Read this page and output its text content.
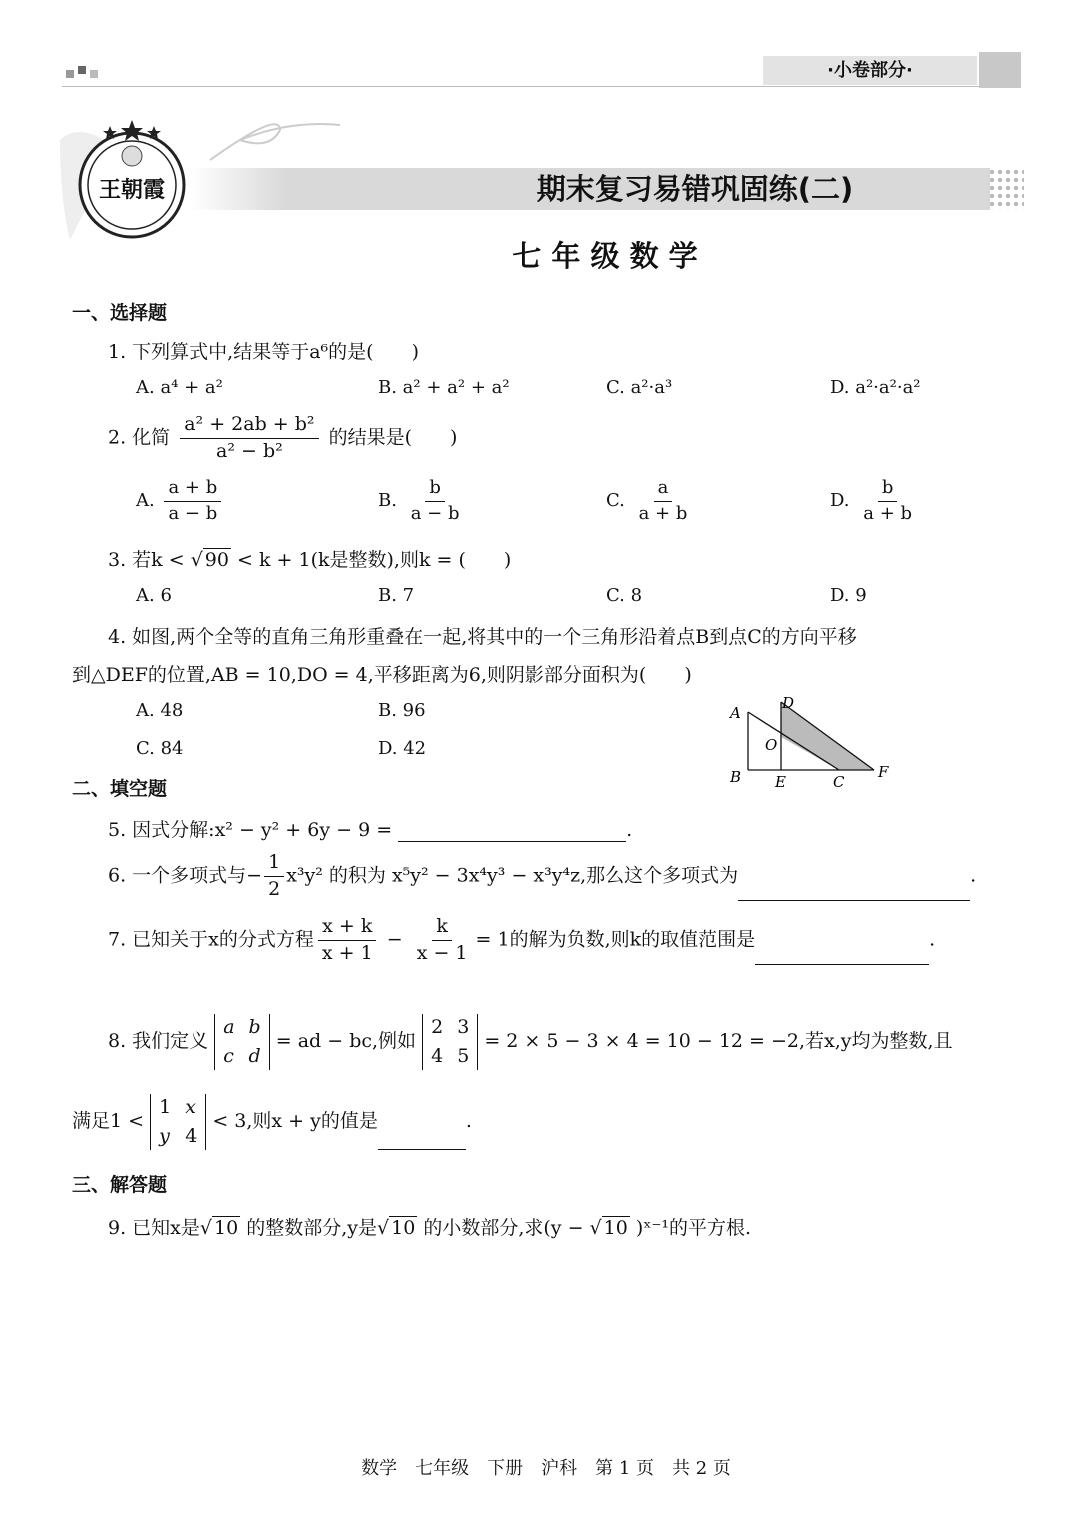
·小卷部分·
王朝霞	期末复习易错巩固练(二)
七 年 级 数 学
一、选择题
1. 下列算式中,结果等于a⁶的是(　　)
A. a⁴ + a²	B. a² + a² + a²	C. a²·a³	D. a²·a²·a²
2. 化简 $\frac{\text{a² + 2ab + b²}}{\text{a² − b²}}$ 的结果是(　　)
A. $\frac{a + b}{a - b}$	B. $\frac{b}{a - b}$	C. $\frac{a}{a + b}$	D. $\frac{b}{a + b}$
3. 若k < √ 90 < k + 1(k是整数),则k = (　　)
A. 6	B. 7	C. 8	D. 9
4. 如图,两个全等的直角三角形重叠在一起,将其中的一个三角形沿着点B到点C的方向平移
到△DEF的位置,AB = 10,DO = 4,平移距离为6,则阴影部分面积为(　　)
A. 48	B. 96
C. 84	D. 42
A
D
O
B E	C
F
二、填空题
5. 因式分解:x² − y² + 6y − 9 =	.
6. 一个多项式与− $\frac{1}{2} x^3y^2$ 的积为 x⁵y² − 3x⁴y³ − x³y⁴z,那么这个多项式为	.
7. 已知关于x的分式方程 $\frac{x + k}{x + 1} - \frac{k}{x - 1} = 1$的解为负数,则k的取值范围是	.
8. 我们定义
a b
c d
= ad − bc,例如
2 3
4 5
= 2 × 5 − 3 × 4 = 10 − 12 = −2,若x,y均为整数,且
满足1 <
1 x
y 4
< 3,则x + y的值是	.
三、解答题
9. 已知x是√ 10 的整数部分,y是√ 10 的小数部分,求(y − √ 10 )ˣ⁻¹的平方根.
数学　七年级　下册　沪科　第 1 页　共 2 页
